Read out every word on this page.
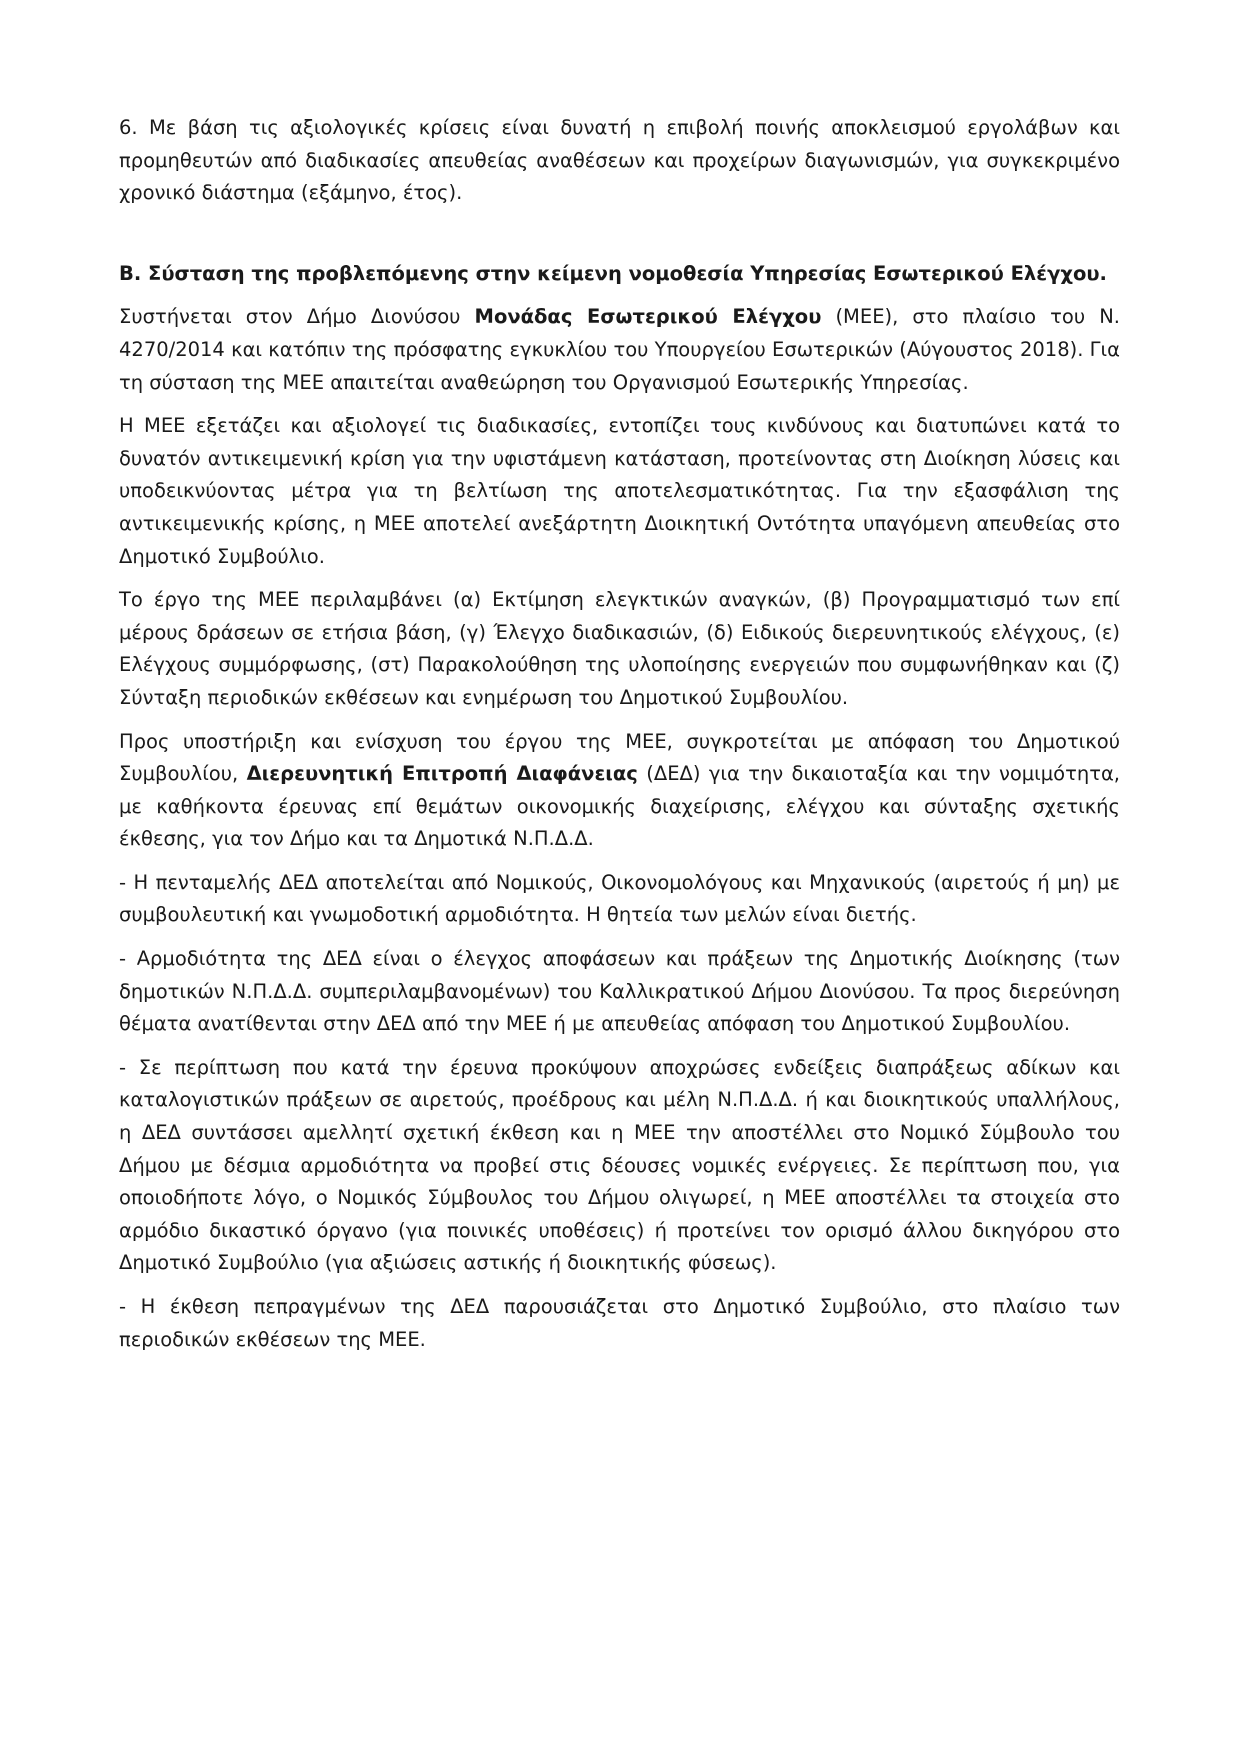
6. Με βάση τις αξιολογικές κρίσεις είναι δυνατή η επιβολή ποινής αποκλεισμού εργολάβων και προμηθευτών από διαδικασίες απευθείας αναθέσεων και προχείρων διαγωνισμών, για συγκεκριμένο χρονικό διάστημα (εξάμηνο, έτος).

Β. Σύσταση της προβλεπόμενης στην κείμενη νομοθεσία Υπηρεσίας Εσωτερικού Ελέγχου.

Συστήνεται στον Δήμο Διονύσου Μονάδας Εσωτερικού Ελέγχου (ΜΕΕ), στο πλαίσιο του Ν. 4270/2014 και κατόπιν της πρόσφατης εγκυκλίου του Υπουργείου Εσωτερικών (Αύγουστος 2018). Για τη σύσταση της ΜΕΕ απαιτείται αναθεώρηση του Οργανισμού Εσωτερικής Υπηρεσίας.

Η ΜΕΕ εξετάζει και αξιολογεί τις διαδικασίες, εντοπίζει τους κινδύνους και διατυπώνει κατά το δυνατόν αντικειμενική κρίση για την υφιστάμενη κατάσταση, προτείνοντας στη Διοίκηση λύσεις και υποδεικνύοντας μέτρα για τη βελτίωση της αποτελεσματικότητας. Για την εξασφάλιση της αντικειμενικής κρίσης, η ΜΕΕ αποτελεί ανεξάρτητη Διοικητική Οντότητα υπαγόμενη απευθείας στο Δημοτικό Συμβούλιο.

Το έργο της ΜΕΕ περιλαμβάνει (α) Εκτίμηση ελεγκτικών αναγκών, (β) Προγραμματισμό των επί μέρους δράσεων σε ετήσια βάση, (γ) Έλεγχο διαδικασιών, (δ) Ειδικούς διερευνητικούς ελέγχους, (ε) Ελέγχους συμμόρφωσης, (στ) Παρακολούθηση της υλοποίησης ενεργειών που συμφωνήθηκαν και (ζ) Σύνταξη περιοδικών εκθέσεων και ενημέρωση του Δημοτικού Συμβουλίου.

Προς υποστήριξη και ενίσχυση του έργου της ΜΕΕ, συγκροτείται με απόφαση του Δημοτικού Συμβουλίου, Διερευνητική Επιτροπή Διαφάνειας (ΔΕΔ) για την δικαιοταξία και την νομιμότητα, με καθήκοντα έρευνας επί θεμάτων οικονομικής διαχείρισης, ελέγχου και σύνταξης σχετικής έκθεσης, για τον Δήμο και τα Δημοτικά Ν.Π.Δ.Δ.

- Η πενταμελής ΔΕΔ αποτελείται από Νομικούς, Οικονομολόγους και Μηχανικούς (αιρετούς ή μη) με συμβουλευτική και γνωμοδοτική αρμοδιότητα. Η θητεία των μελών είναι διετής.

- Αρμοδιότητα της ΔΕΔ είναι ο έλεγχος αποφάσεων και πράξεων της Δημοτικής Διοίκησης (των δημοτικών Ν.Π.Δ.Δ. συμπεριλαμβανομένων) του Καλλικρατικού Δήμου Διονύσου. Τα προς διερεύνηση θέματα ανατίθενται στην ΔΕΔ από την ΜΕΕ ή με απευθείας απόφαση του Δημοτικού Συμβουλίου.

- Σε περίπτωση που κατά την έρευνα προκύψουν αποχρώσες ενδείξεις διαπράξεως αδίκων και καταλογιστικών πράξεων σε αιρετούς, προέδρους και μέλη Ν.Π.Δ.Δ. ή και διοικητικούς υπαλλήλους, η ΔΕΔ συντάσσει αμελλητί σχετική έκθεση και η ΜΕΕ την αποστέλλει στο Νομικό Σύμβουλο του Δήμου με δέσμια αρμοδιότητα να προβεί στις δέουσες νομικές ενέργειες. Σε περίπτωση που, για οποιοδήποτε λόγο, ο Νομικός Σύμβουλος του Δήμου ολιγωρεί, η ΜΕΕ αποστέλλει τα στοιχεία στο αρμόδιο δικαστικό όργανο (για ποινικές υποθέσεις) ή προτείνει τον ορισμό άλλου δικηγόρου στο Δημοτικό Συμβούλιο (για αξιώσεις αστικής ή διοικητικής φύσεως).

- Η έκθεση πεπραγμένων της ΔΕΔ παρουσιάζεται στο Δημοτικό Συμβούλιο, στο πλαίσιο των περιοδικών εκθέσεων της ΜΕΕ.
